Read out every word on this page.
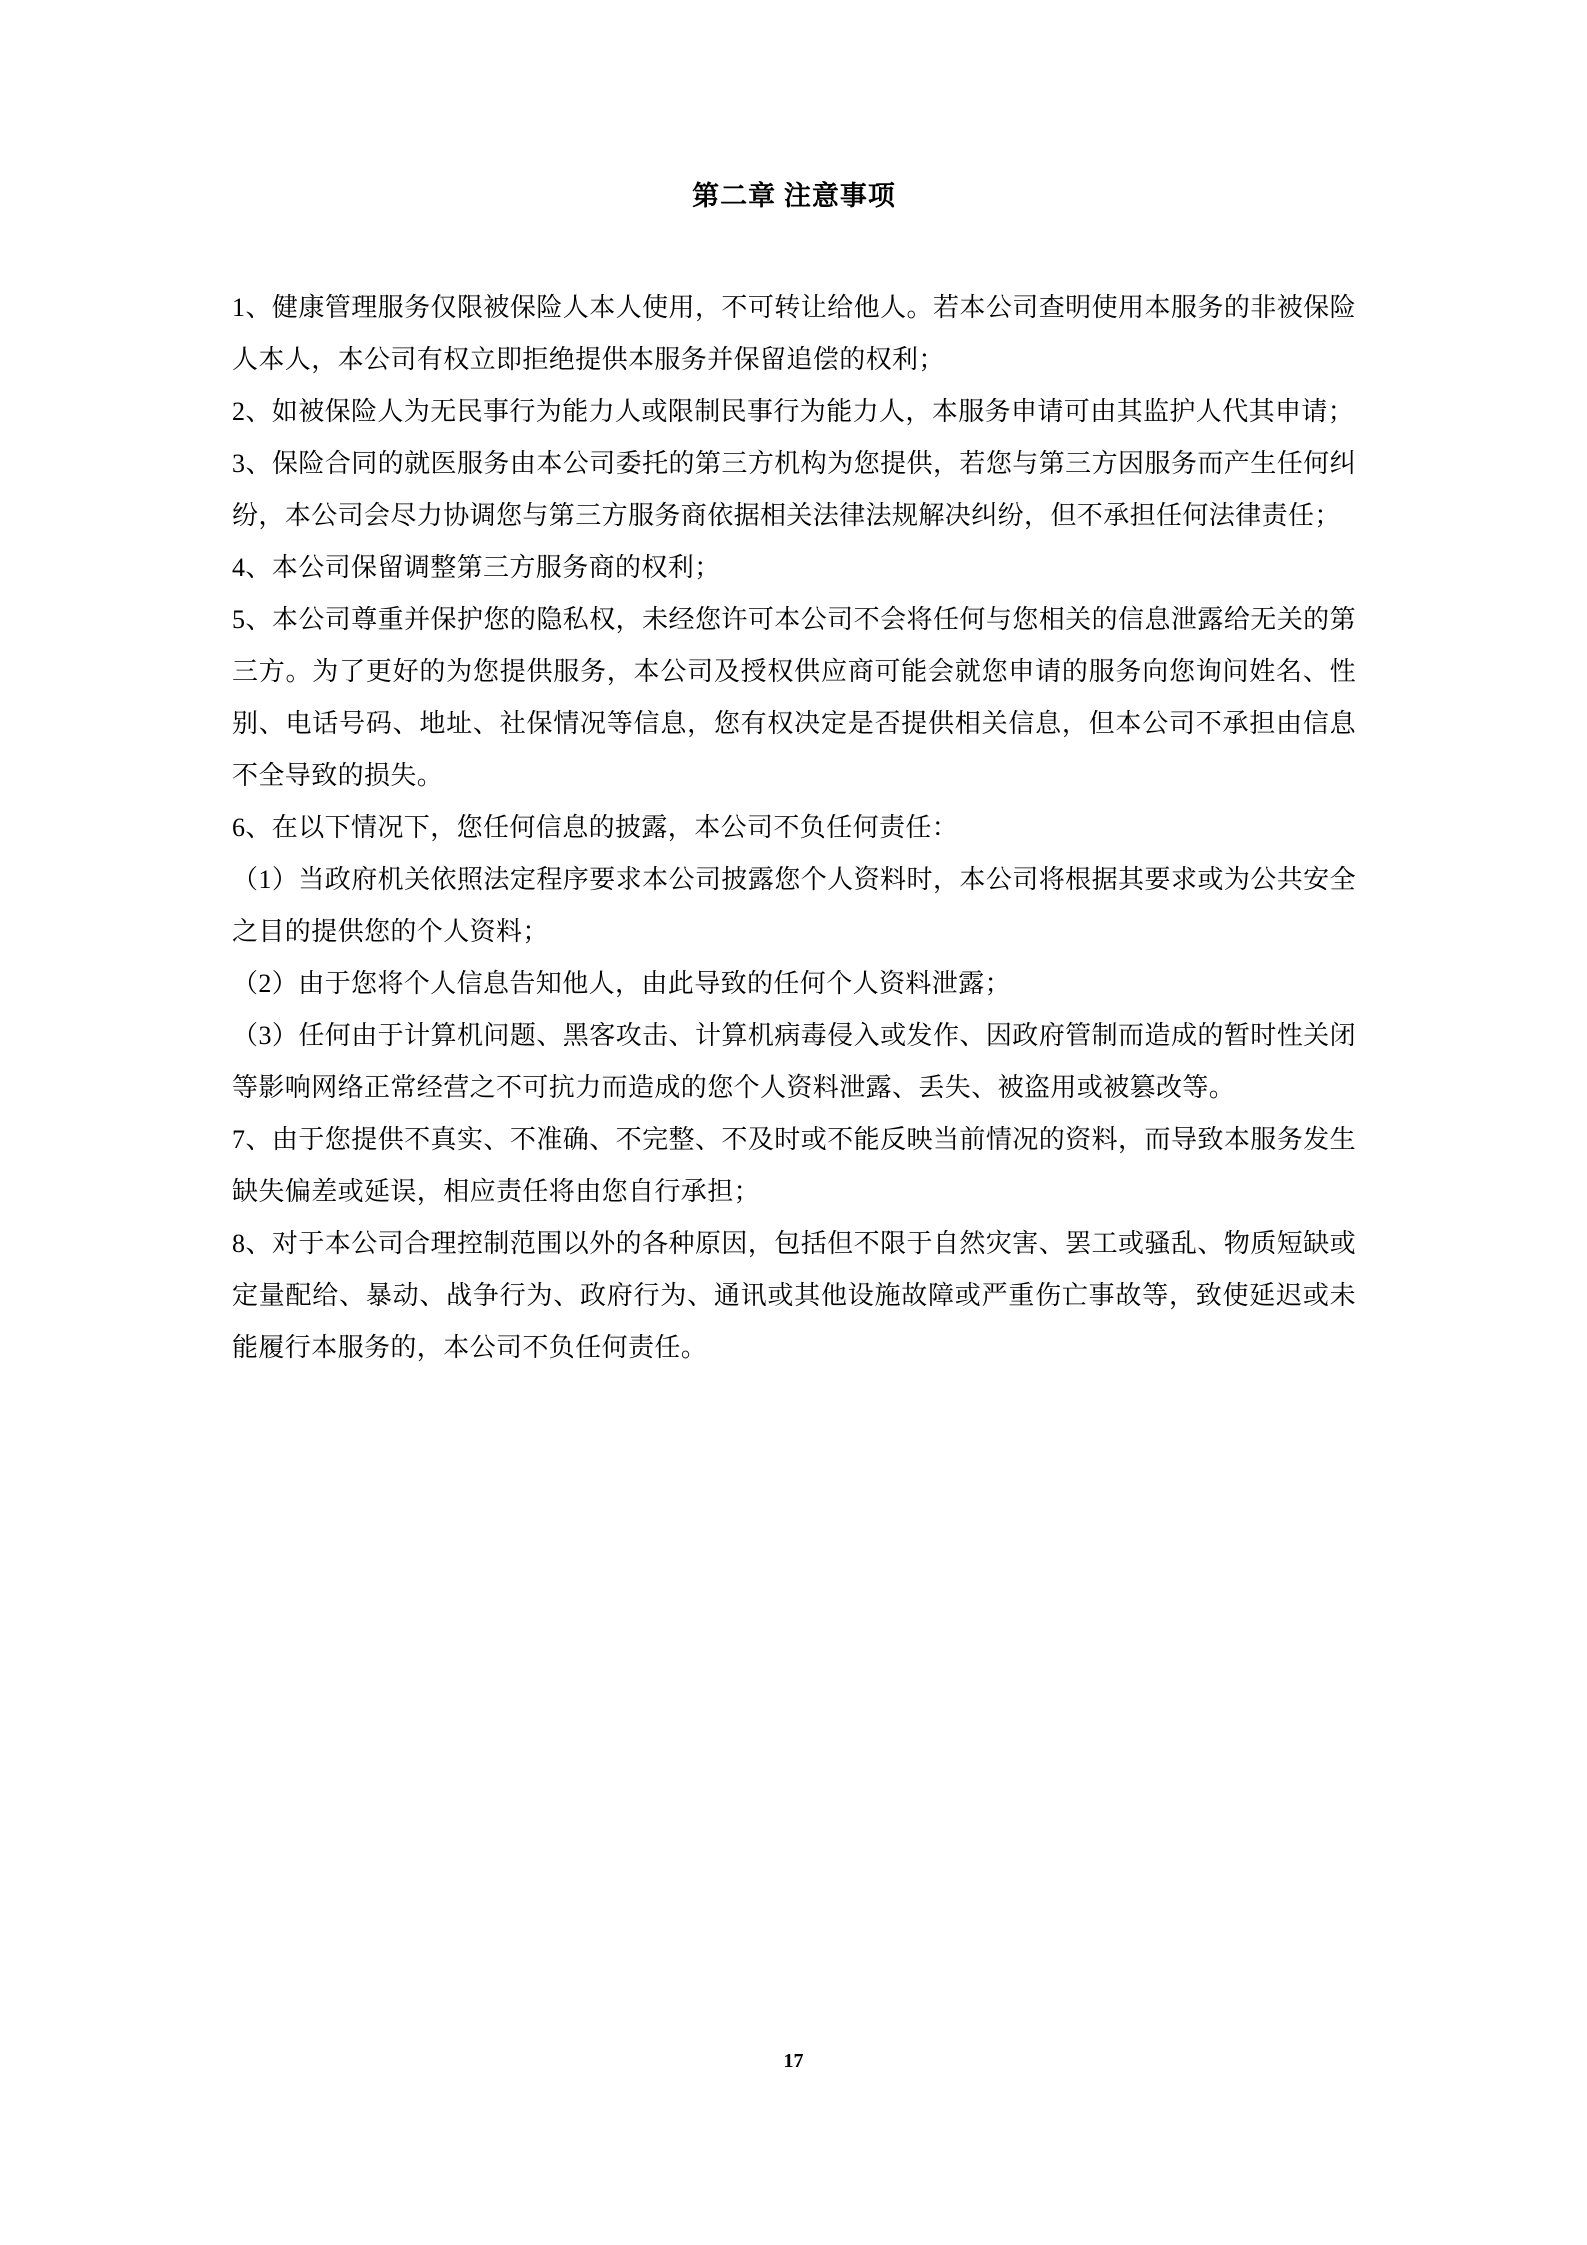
第二章 注意事项

1、健康管理服务仅限被保险人本人使用，不可转让给他人。若本公司查明使用本服务的非被保险人本人，本公司有权立即拒绝提供本服务并保留追偿的权利；

2、如被保险人为无民事行为能力人或限制民事行为能力人，本服务申请可由其监护人代其申请；

3、保险合同的就医服务由本公司委托的第三方机构为您提供，若您与第三方因服务而产生任何纠纷，本公司会尽力协调您与第三方服务商依据相关法律法规解决纠纷，但不承担任何法律责任；

4、本公司保留调整第三方服务商的权利；

5、本公司尊重并保护您的隐私权，未经您许可本公司不会将任何与您相关的信息泄露给无关的第三方。为了更好的为您提供服务，本公司及授权供应商可能会就您申请的服务向您询问姓名、性别、电话号码、地址、社保情况等信息，您有权决定是否提供相关信息，但本公司不承担由信息不全导致的损失。

6、在以下情况下，您任何信息的披露，本公司不负任何责任：

（1）当政府机关依照法定程序要求本公司披露您个人资料时，本公司将根据其要求或为公共安全之目的提供您的个人资料；

（2）由于您将个人信息告知他人，由此导致的任何个人资料泄露；

（3）任何由于计算机问题、黑客攻击、计算机病毒侵入或发作、因政府管制而造成的暂时性关闭等影响网络正常经营之不可抗力而造成的您个人资料泄露、丢失、被盗用或被篡改等。

7、由于您提供不真实、不准确、不完整、不及时或不能反映当前情况的资料，而导致本服务发生缺失偏差或延误，相应责任将由您自行承担；

8、对于本公司合理控制范围以外的各种原因，包括但不限于自然灾害、罢工或骚乱、物质短缺或定量配给、暴动、战争行为、政府行为、通讯或其他设施故障或严重伤亡事故等，致使延迟或未能履行本服务的，本公司不负任何责任。

17
